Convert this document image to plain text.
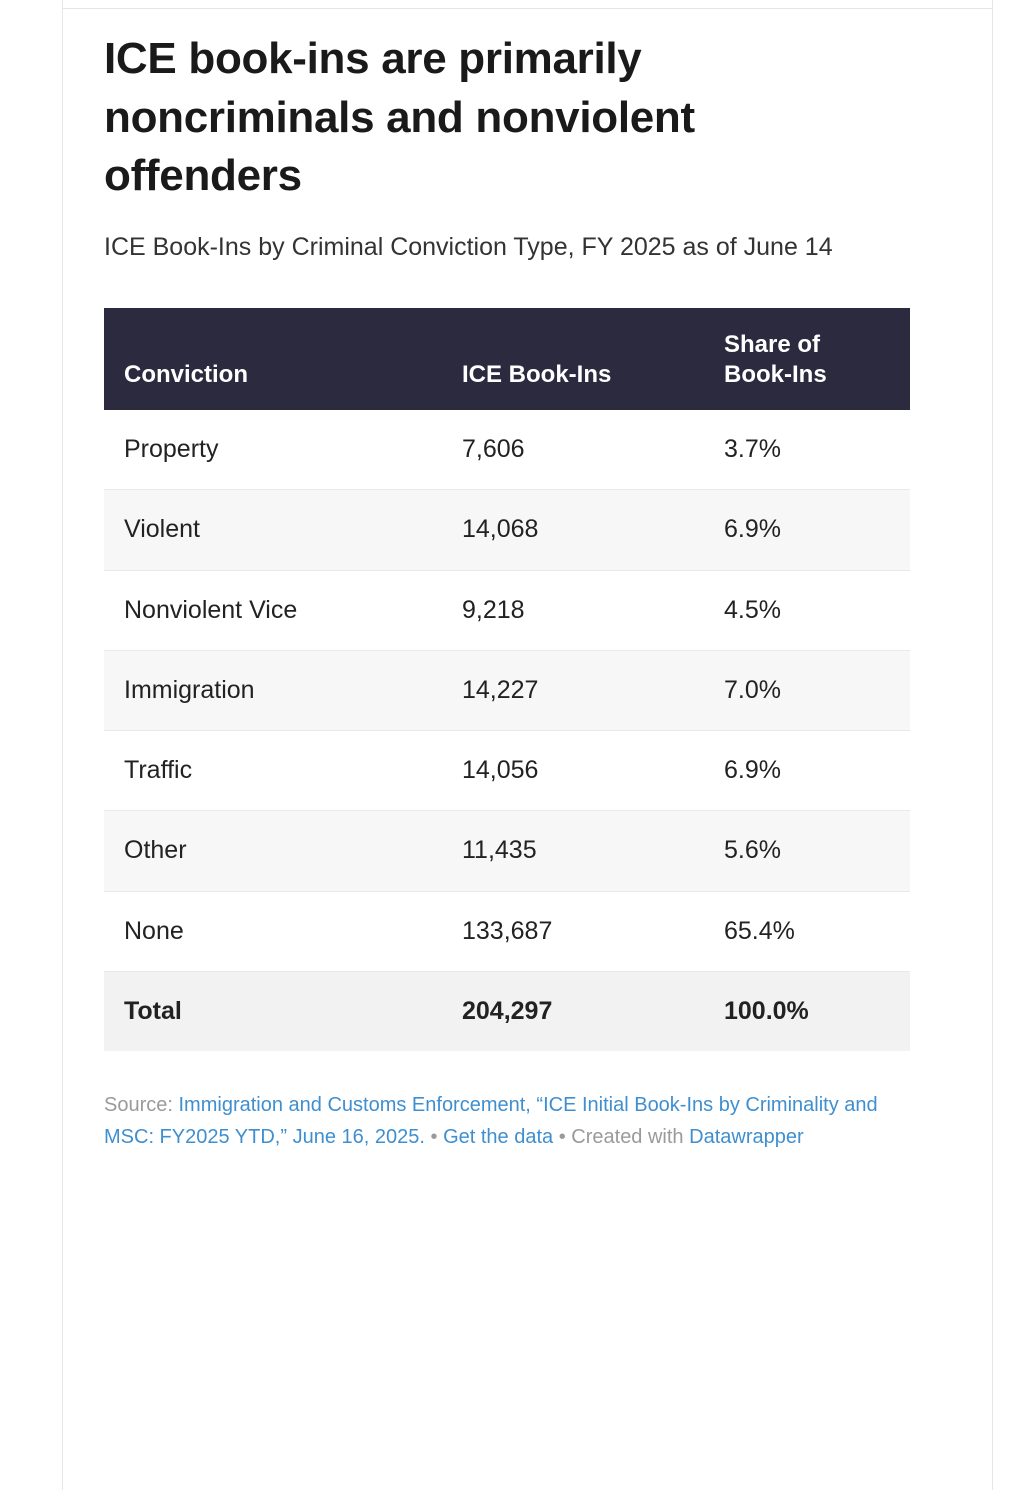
ICE book-ins are primarily noncriminals and nonviolent offenders
ICE Book-Ins by Criminal Conviction Type, FY 2025 as of June 14
Conviction	ICE Book-Ins	Share of Book-Ins
Property	7,606	3.7%
Violent	14,068	6.9%
Nonviolent Vice	9,218	4.5%
Immigration	14,227	7.0%
Traffic	14,056	6.9%
Other	11,435	5.6%
None	133,687	65.4%
Total	204,297	100.0%
Source: Immigration and Customs Enforcement, “ICE Initial Book-Ins by Criminality and MSC: FY2025 YTD,” June 16, 2025. • Get the data • Created with Datawrapper
